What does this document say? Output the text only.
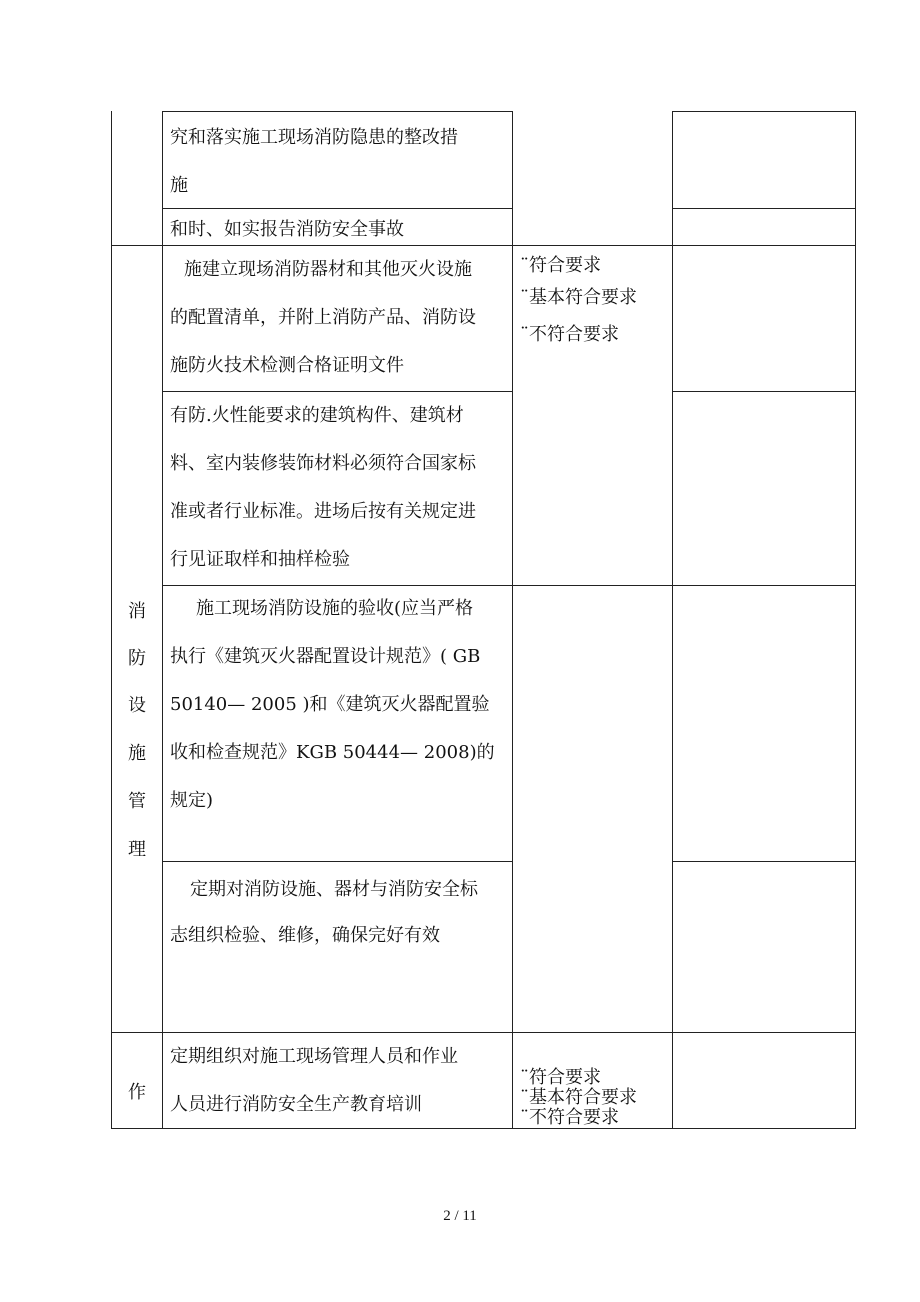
究和落实施工现场消防隐患的整改措
施
和时、如实报告消防安全事故
施建立现场消防器材和其他灭火设施
的配置清单，并附上消防产品、消防设
施防火技术检测合格证明文件
¨符合要求
¨基本符合要求
¨不符合要求
有防.火性能要求的建筑构件、建筑材
料、室内装修装饰材料必须符合国家标
准或者行业标准。进场后按有关规定进
行见证取样和抽样检验
施工现场消防设施的验收(应当严格
执行《建筑灭火器配置设计规范》( GB
50140— 2005 )和《建筑灭火器配置验
收和检查规范》KGB 50444— 2008)的
规定)
消
防
设
施
管
理
定期对消防设施、器材与消防安全标
志组织检验、维修，确保完好有效
作
定期组织对施工现场管理人员和作业
人员进行消防安全生产教育培训
¨符合要求
¨基本符合要求
¨不符合要求
2 / 11
